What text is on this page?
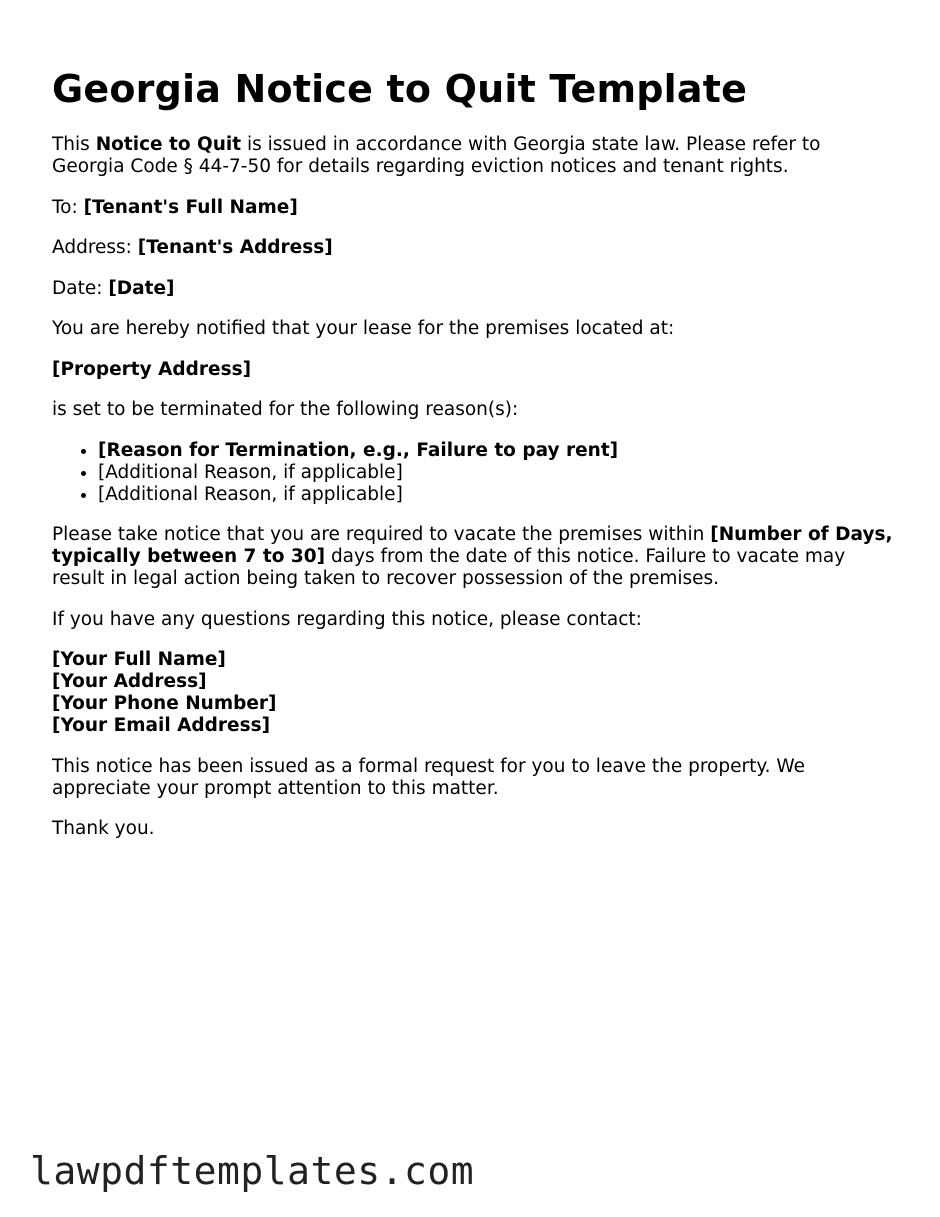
Georgia Notice to Quit Template

This Notice to Quit is issued in accordance with Georgia state law. Please refer to Georgia Code § 44-7-50 for details regarding eviction notices and tenant rights.

To: [Tenant's Full Name]

Address: [Tenant's Address]

Date: [Date]

You are hereby notified that your lease for the premises located at:

[Property Address]

is set to be terminated for the following reason(s):

• [Reason for Termination, e.g., Failure to pay rent]
• [Additional Reason, if applicable]
• [Additional Reason, if applicable]

Please take notice that you are required to vacate the premises within [Number of Days, typically between 7 to 30] days from the date of this notice. Failure to vacate may result in legal action being taken to recover possession of the premises.

If you have any questions regarding this notice, please contact:

[Your Full Name]

[Your Address]

[Your Phone Number]

[Your Email Address]

This notice has been issued as a formal request for you to leave the property. We appreciate your prompt attention to this matter.

Thank you.

lawpdftemplates.com
